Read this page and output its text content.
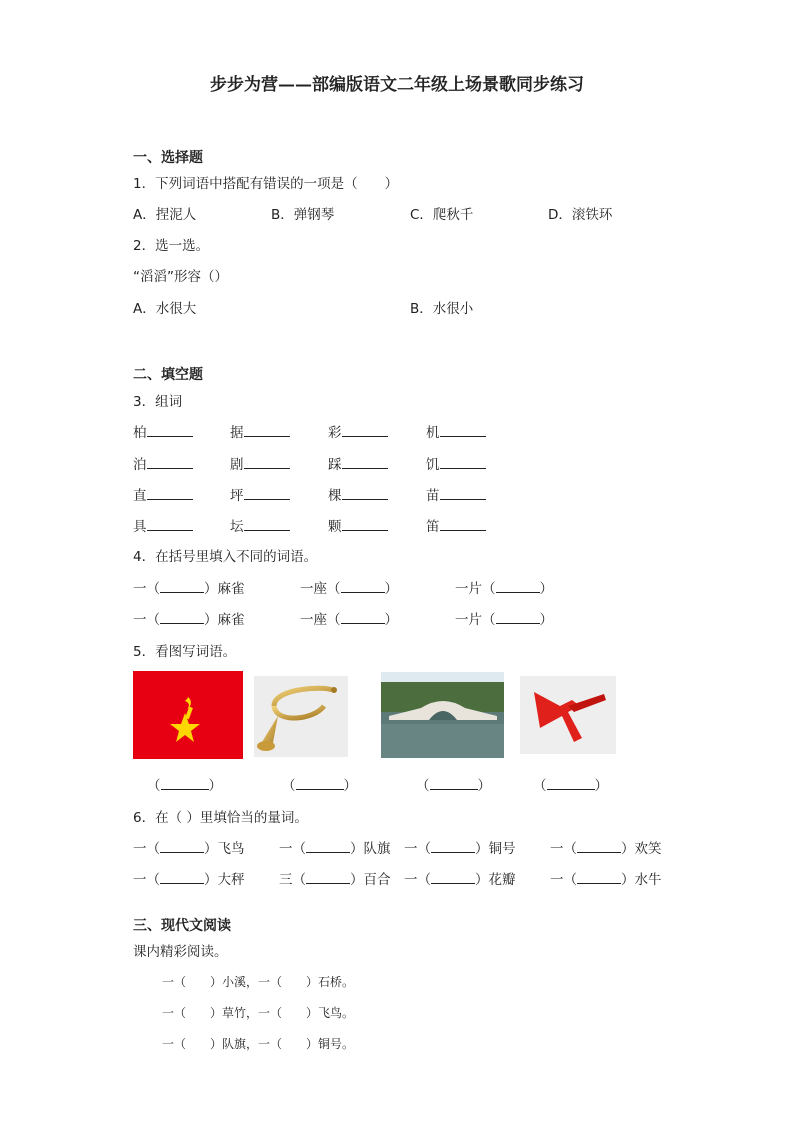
步步为营——部编版语文二年级上场景歌同步练习
一、选择题
1．下列词语中搭配有错误的一项是（　　）
A．捏泥人	B．弹钢琴	C．爬秋千	D．滚铁环
2．选一选。
“滔滔”形容（）
A．水很大	B．水很小
二、填空题
3．组词
柏	据	彩	机
泊	剧	踩	饥
直	坪	棵	苗
具	坛	颗	笛
4．在括号里填入不同的词语。
一（	）麻雀	一座（	）	一片（	）
一（	）麻雀	一座（	）	一片（	）
5．看图写词语。
（	）	（	）	（	）	（	）
6．在（ ）里填恰当的量词。
一（	）飞鸟	一（	）队旗 一（	）铜号	一（	）欢笑
一（	）大秤	三（	）百合 一（	）花瓣	一（	）水牛
三、现代文阅读
课内精彩阅读。
一（　　）小溪，一（　　）石桥。
一（　　）草竹，一（　　）飞鸟。
一（　　）队旗，一（　　）铜号。
